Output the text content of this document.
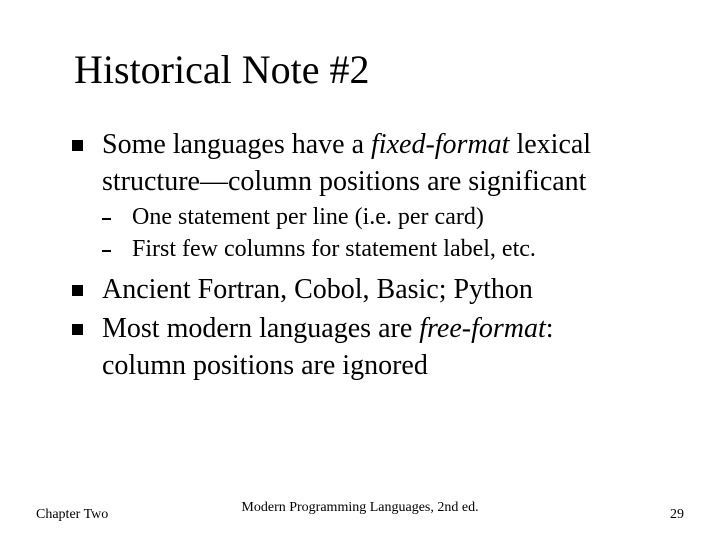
Historical Note #2
Some languages have a fixed-format lexical
structure—column positions are significant
One statement per line (i.e. per card)
First few columns for statement label, etc.
Ancient Fortran, Cobol, Basic; Python
Most modern languages are free-format:
column positions are ignored
Chapter Two	Modern Programming Languages, 2nd ed.	29
